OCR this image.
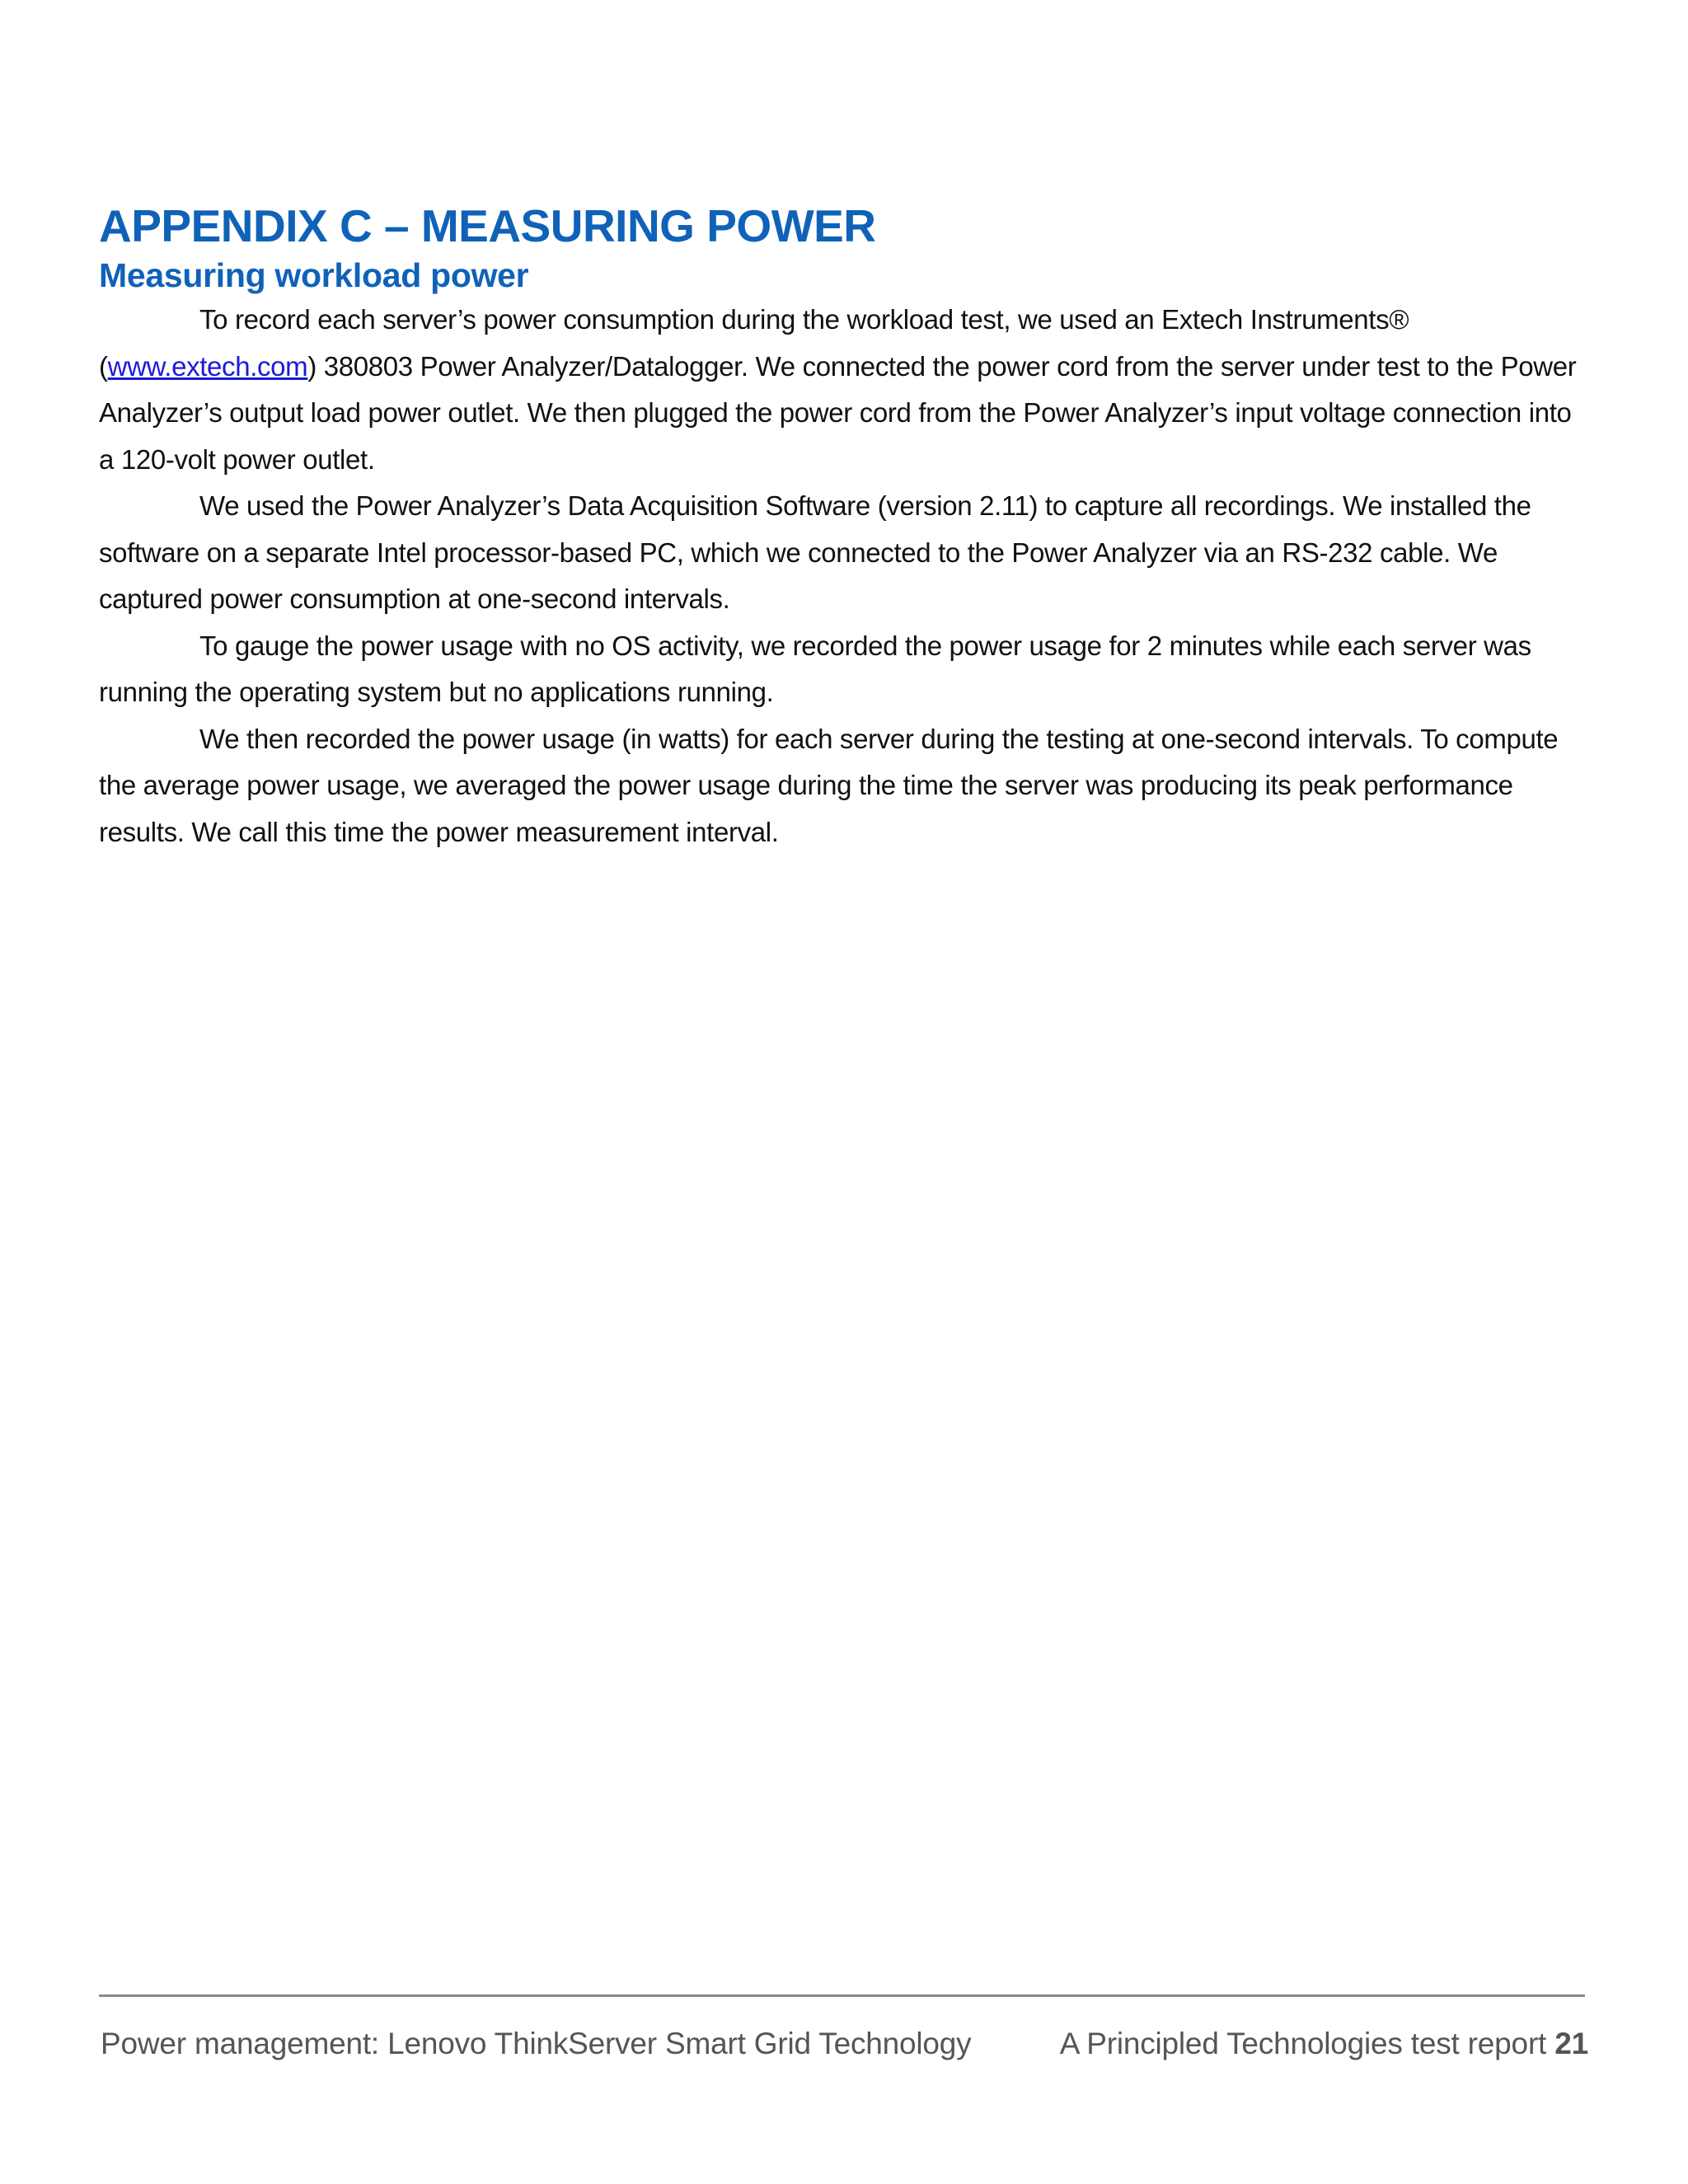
APPENDIX C – MEASURING POWER
Measuring workload power

To record each server’s power consumption during the workload test, we used an Extech Instruments® (www.extech.com) 380803 Power Analyzer/Datalogger. We connected the power cord from the server under test to the Power Analyzer’s output load power outlet. We then plugged the power cord from the Power Analyzer’s input voltage connection into a 120-volt power outlet.

We used the Power Analyzer’s Data Acquisition Software (version 2.11) to capture all recordings. We installed the software on a separate Intel processor-based PC, which we connected to the Power Analyzer via an RS-232 cable. We captured power consumption at one-second intervals.

To gauge the power usage with no OS activity, we recorded the power usage for 2 minutes while each server was running the operating system but no applications running.

We then recorded the power usage (in watts) for each server during the testing at one-second intervals. To compute the average power usage, we averaged the power usage during the time the server was producing its peak performance results. We call this time the power measurement interval.

Power management: Lenovo ThinkServer Smart Grid Technology	A Principled Technologies test report 21
